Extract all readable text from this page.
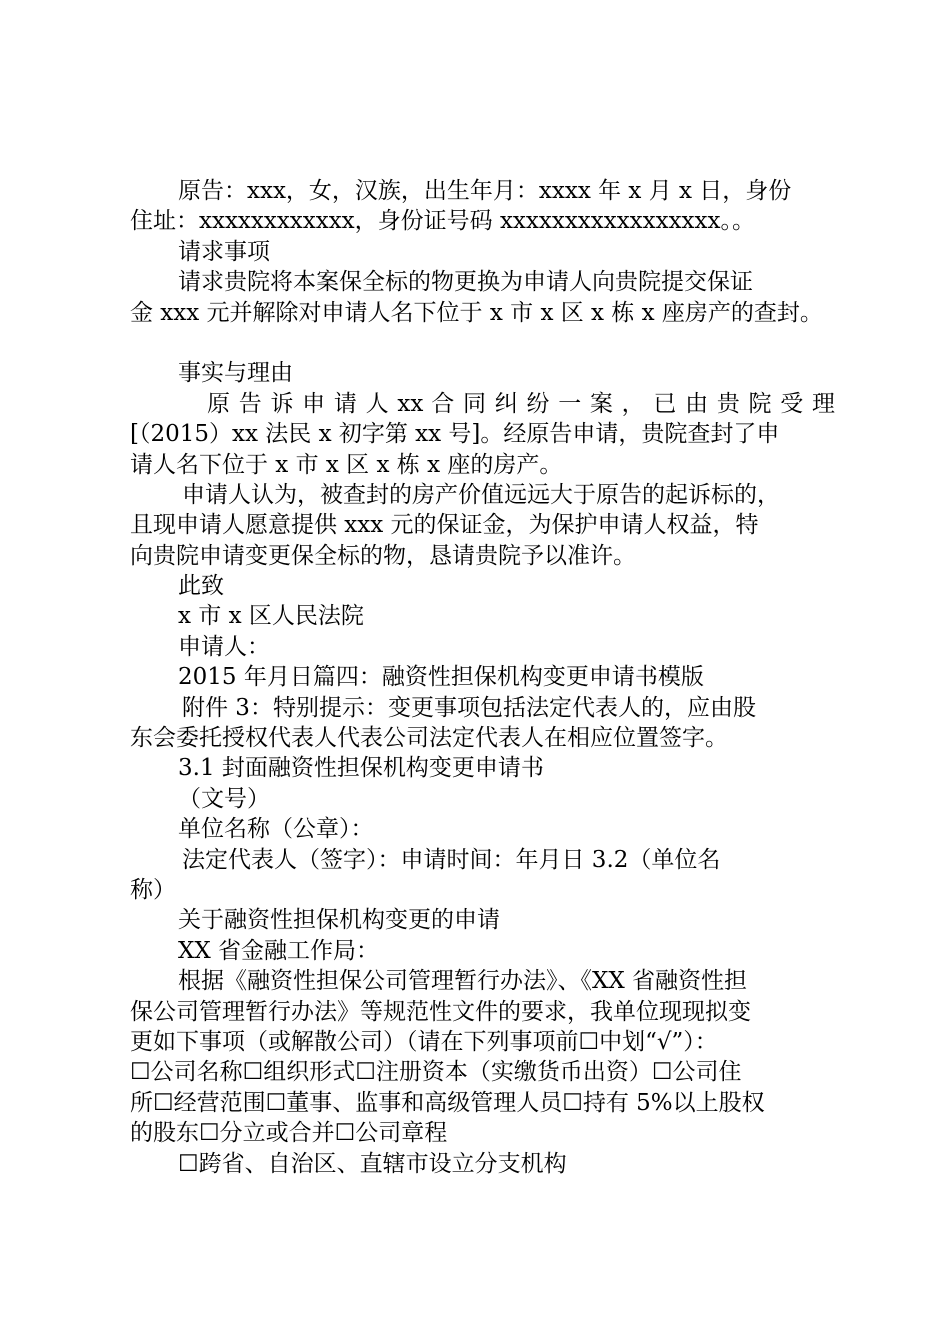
原告：xxx，女，汉族，出生年月：xxxx 年 x 月 x 日，身份
住址：xxxxxxxxxxxx，身份证号码 xxxxxxxxxxxxxxxxx。。
请求事项
请求贵院将本案保全标的物更换为申请人向贵院提交保证
金 xxx 元并解除对申请人名下位于 x 市 x 区 x 栋 x 座房产的查封。
事实与理由
原 告 诉 申 请 人 xx 合 同 纠 纷 一 案 ， 已 由 贵 院 受 理
[（2015）xx 法民 x 初字第 xx 号]。经原告申请，贵院查封了申
请人名下位于 x 市 x 区 x 栋 x 座的房产。
申请人认为，被查封的房产价值远远大于原告的起诉标的，
且现申请人愿意提供 xxx 元的保证金，为保护申请人权益，特
向贵院申请变更保全标的物，恳请贵院予以准许。
此致
x 市 x 区人民法院
申请人：
2015 年月日篇四：融资性担保机构变更申请书模版
附件 3：特别提示：变更事项包括法定代表人的，应由股
东会委托授权代表人代表公司法定代表人在相应位置签字。
3.1 封面融资性担保机构变更申请书
（文号）
单位名称（公章）：
法定代表人（签字）：申请时间：年月日 3.2（单位名
称）
关于融资性担保机构变更的申请
XX 省金融工作局：
根据《融资性担保公司管理暂行办法》、《XX 省融资性担
保公司管理暂行办法》等规范性文件的要求，我单位现现拟变
更如下事项（或解散公司）（请在下列事项前☐中划“√”）：
☐公司名称☐组织形式☐注册资本（实缴货币出资）☐公司住
所☐经营范围☐董事、监事和高级管理人员☐持有 5%以上股权
的股东☐分立或合并☐公司章程
☐跨省、自治区、直辖市设立分支机构
